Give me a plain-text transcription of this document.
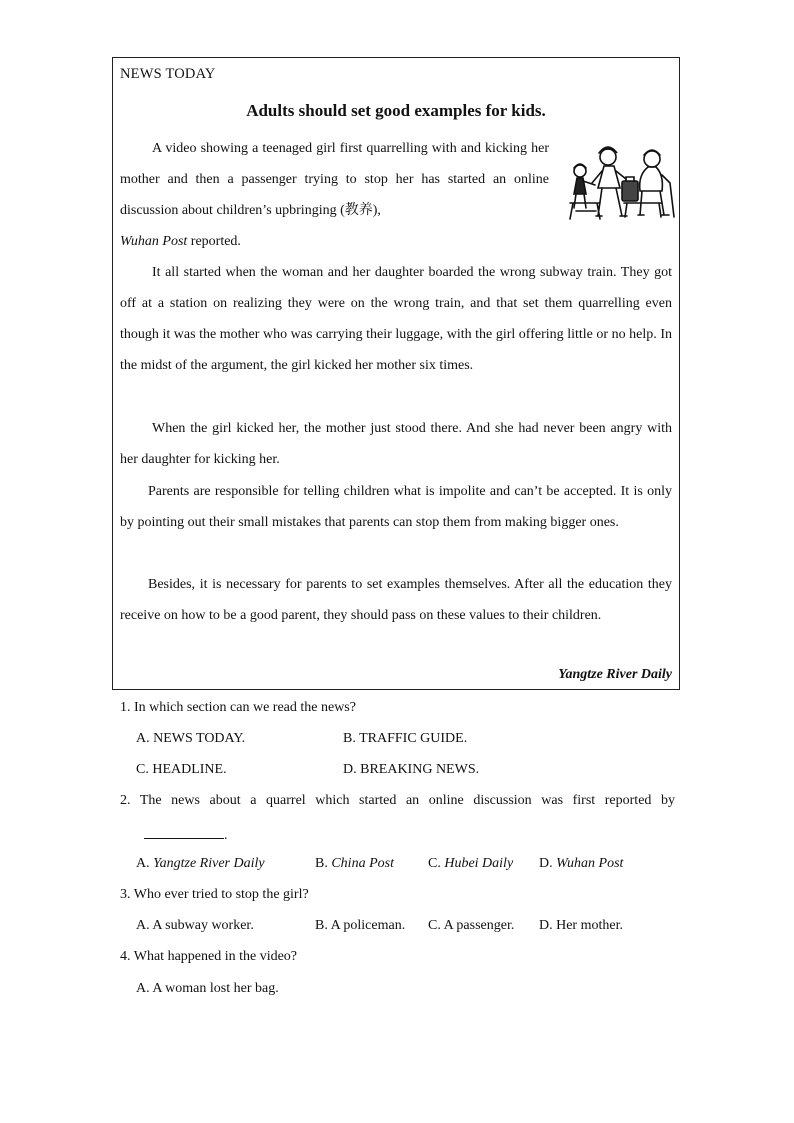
NEWS TODAY
Adults should set good examples for kids.
A video showing a teenaged girl first quarrelling with and kicking her mother and then a passenger trying to stop her has started an online discussion about children’s upbringing (教养),
Wuhan Post reported.
It all started when the woman and her daughter boarded the wrong subway train. They got off at a station on realizing they were on the wrong train, and that set them quarrelling even though it was the mother who was carrying their luggage, with the girl offering little or no help. In the midst of the argument, the girl kicked her mother six times.
When the girl kicked her, the mother just stood there. And she had never been angry with her daughter for kicking her.
Parents are responsible for telling children what is impolite and can’t be accepted. It is only by pointing out their small mistakes that parents can stop them from making bigger ones.
Besides, it is necessary for parents to set examples themselves. After all the education they receive on how to be a good parent, they should pass on these values to their children.
Yangtze River Daily
1. In which section can we read the news?
A. NEWS TODAY.	B. TRAFFIC GUIDE.
C. HEADLINE.	D. BREAKING NEWS.
2. The news about a quarrel which started an online discussion was first reported by
.
A. Yangtze River Daily	B. China Post C. Hubei Daily D. Wuhan Post
3. Who ever tried to stop the girl?
A. A subway worker.	B. A policeman. C. A passenger. D. Her mother.
4. What happened in the video?
A. A woman lost her bag.
